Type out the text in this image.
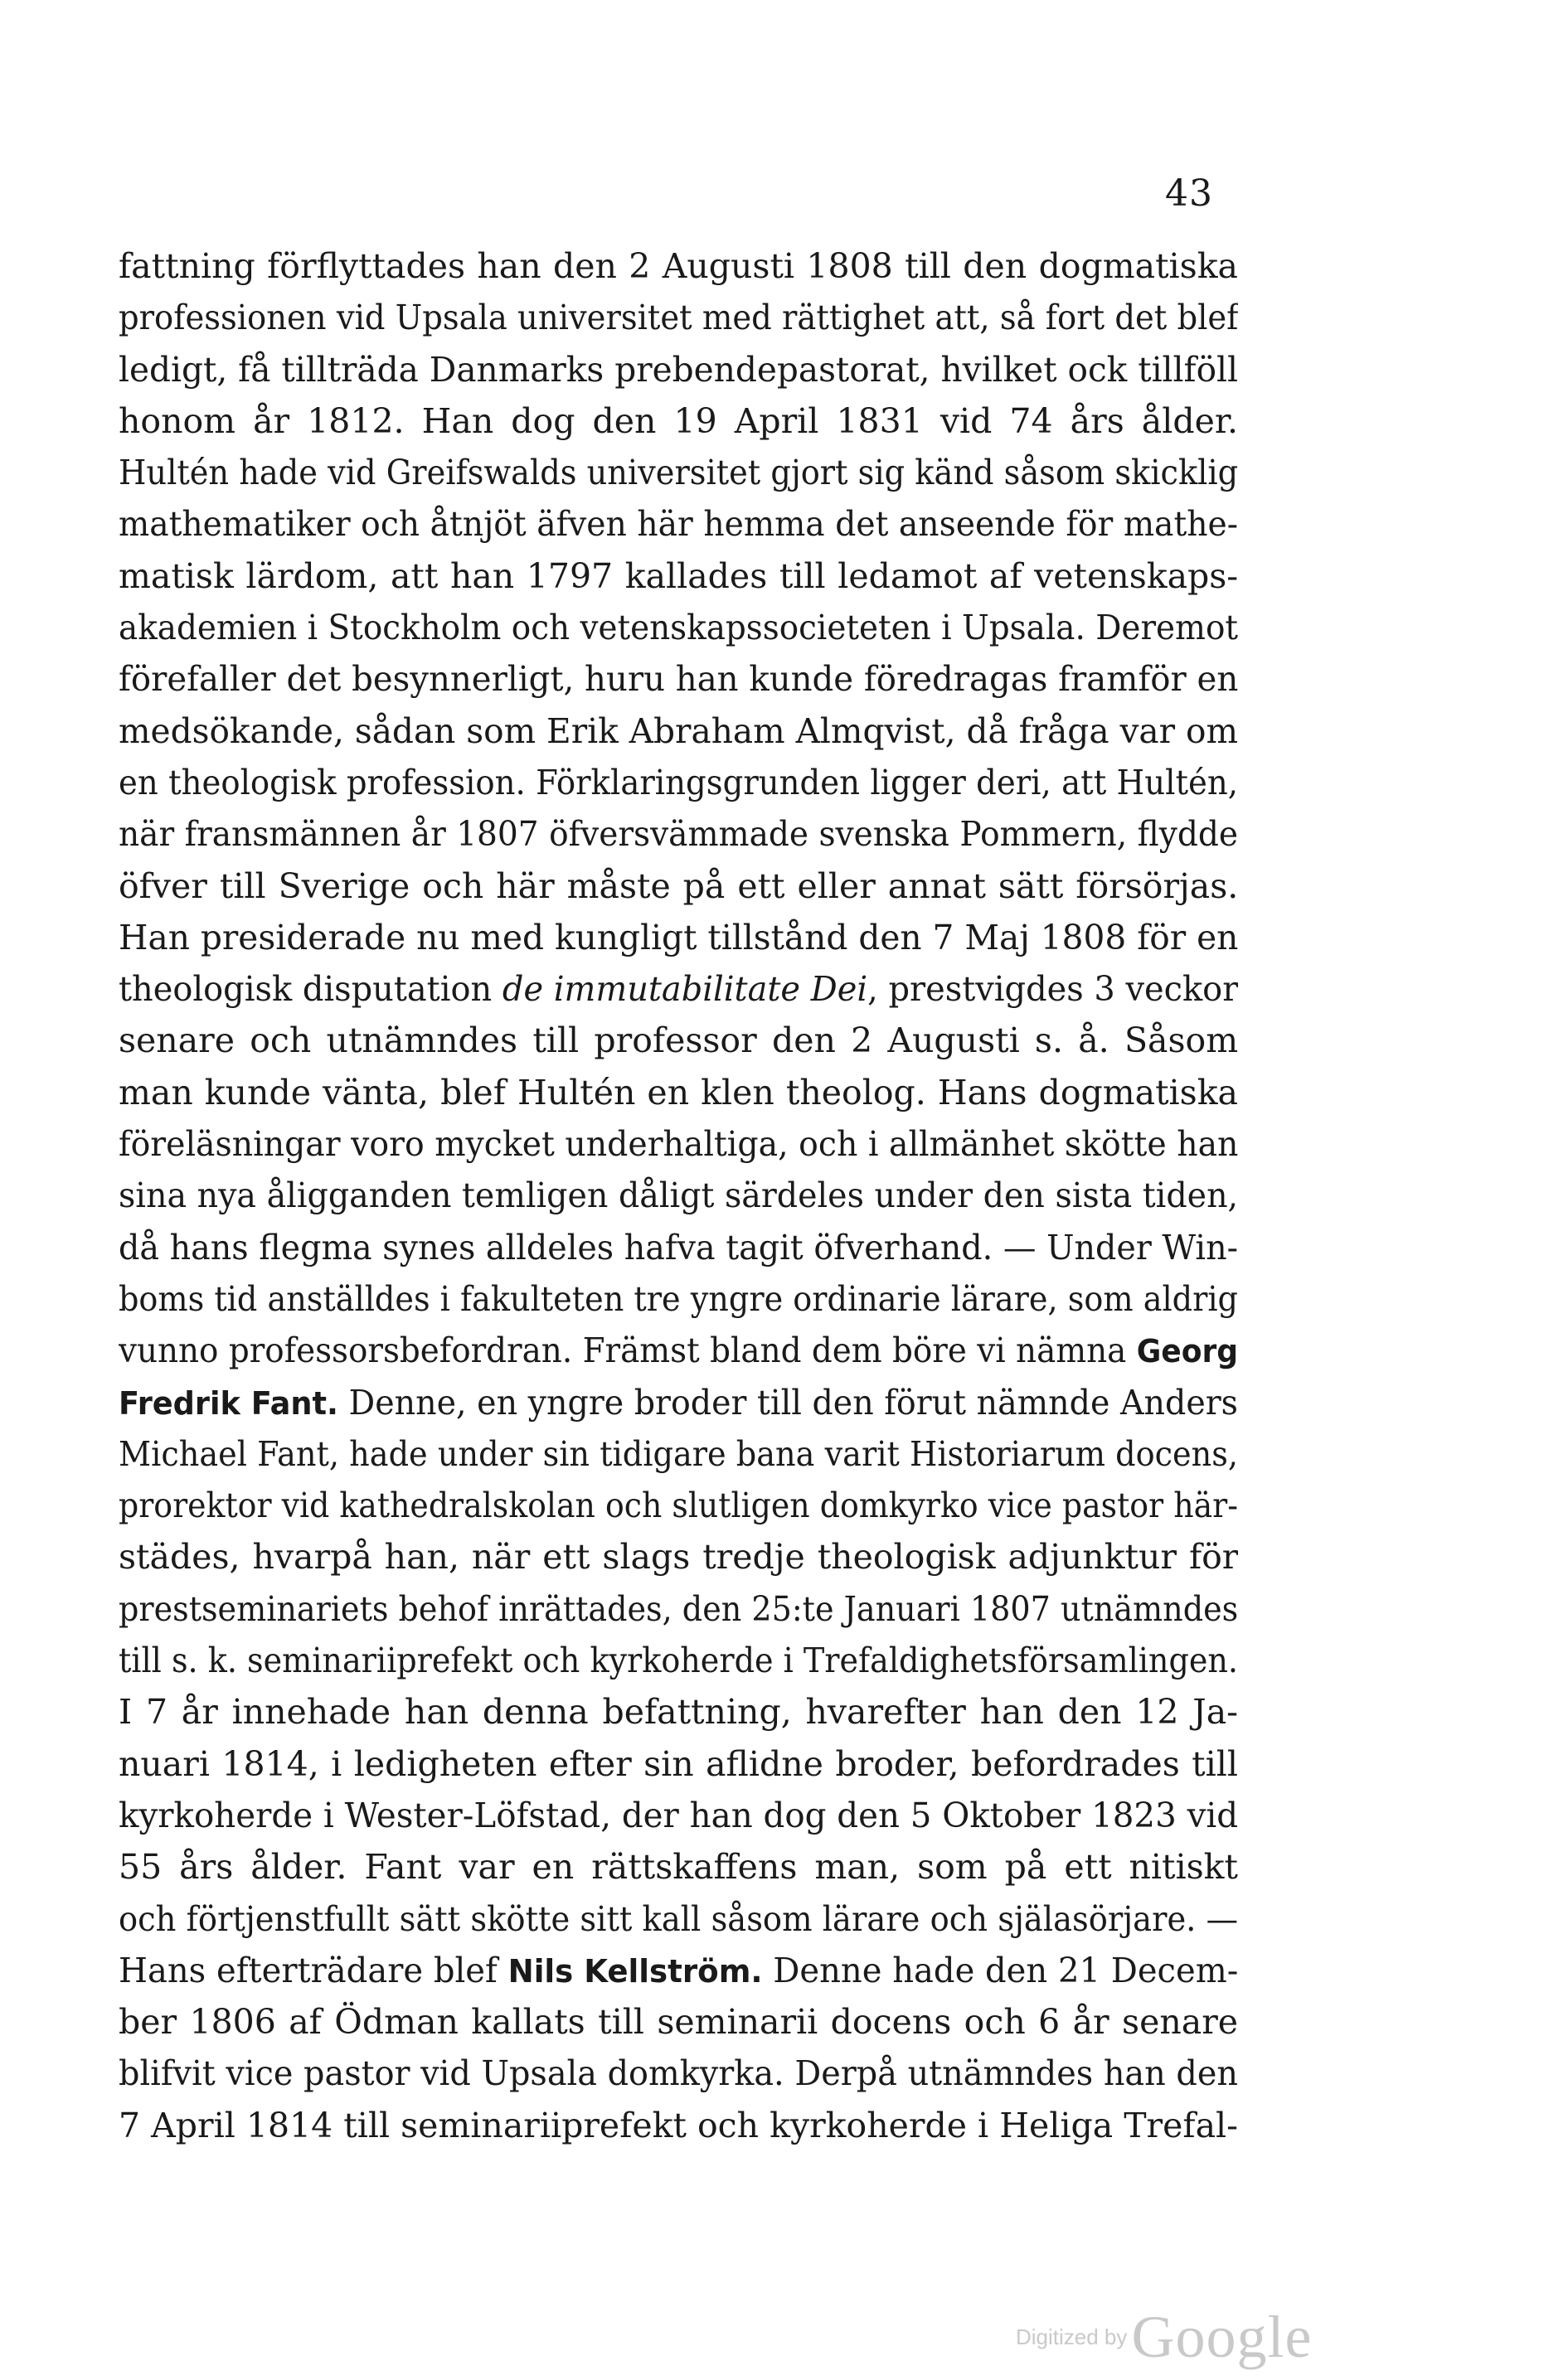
43
fattning förflyttades han den 2 Augusti 1808 till den dogmatiska
professionen vid Upsala universitet med rättighet att, så fort det blef
ledigt, få tillträda Danmarks prebendepastorat, hvilket ock tillföll
honom år 1812. Han dog den 19 April 1831 vid 74 års ålder.
Hultén hade vid Greifswalds universitet gjort sig känd såsom skicklig
mathematiker och åtnjöt äfven här hemma det anseende för mathe-
matisk lärdom, att han 1797 kallades till ledamot af vetenskaps-
akademien i Stockholm och vetenskapssocieteten i Upsala. Deremot
förefaller det besynnerligt, huru han kunde föredragas framför en
medsökande, sådan som Erik Abraham Almqvist, då fråga var om
en theologisk profession. Förklaringsgrunden ligger deri, att Hultén,
när fransmännen år 1807 öfversvämmade svenska Pommern, flydde
öfver till Sverige och här måste på ett eller annat sätt försörjas.
Han presiderade nu med kungligt tillstånd den 7 Maj 1808 för en
theologisk disputation de immutabilitate Dei, prestvigdes 3 veckor
senare och utnämndes till professor den 2 Augusti s. å. Såsom
man kunde vänta, blef Hultén en klen theolog. Hans dogmatiska
föreläsningar voro mycket underhaltiga, och i allmänhet skötte han
sina nya åligganden temligen dåligt särdeles under den sista tiden,
då hans flegma synes alldeles hafva tagit öfverhand. — Under Win-
boms tid anställdes i fakulteten tre yngre ordinarie lärare, som aldrig
vunno professorsbefordran. Främst bland dem böre vi nämna Georg
Fredrik Fant. Denne, en yngre broder till den förut nämnde Anders
Michael Fant, hade under sin tidigare bana varit Historiarum docens,
prorektor vid kathedralskolan och slutligen domkyrko vice pastor här-
städes, hvarpå han, när ett slags tredje theologisk adjunktur för
prestseminariets behof inrättades, den 25:te Januari 1807 utnämndes
till s. k. seminariiprefekt och kyrkoherde i Trefaldighetsförsamlingen.
I 7 år innehade han denna befattning, hvarefter han den 12 Ja-
nuari 1814, i ledigheten efter sin aflidne broder, befordrades till
kyrkoherde i Wester-Löfstad, der han dog den 5 Oktober 1823 vid
55 års ålder. Fant var en rättskaffens man, som på ett nitiskt
och förtjenstfullt sätt skötte sitt kall såsom lärare och själasörjare. —
Hans efterträdare blef Nils Kellström. Denne hade den 21 Decem-
ber 1806 af Ödman kallats till seminarii docens och 6 år senare
blifvit vice pastor vid Upsala domkyrka. Derpå utnämndes han den
7 April 1814 till seminariiprefekt och kyrkoherde i Heliga Trefal-
Digitized by Google
